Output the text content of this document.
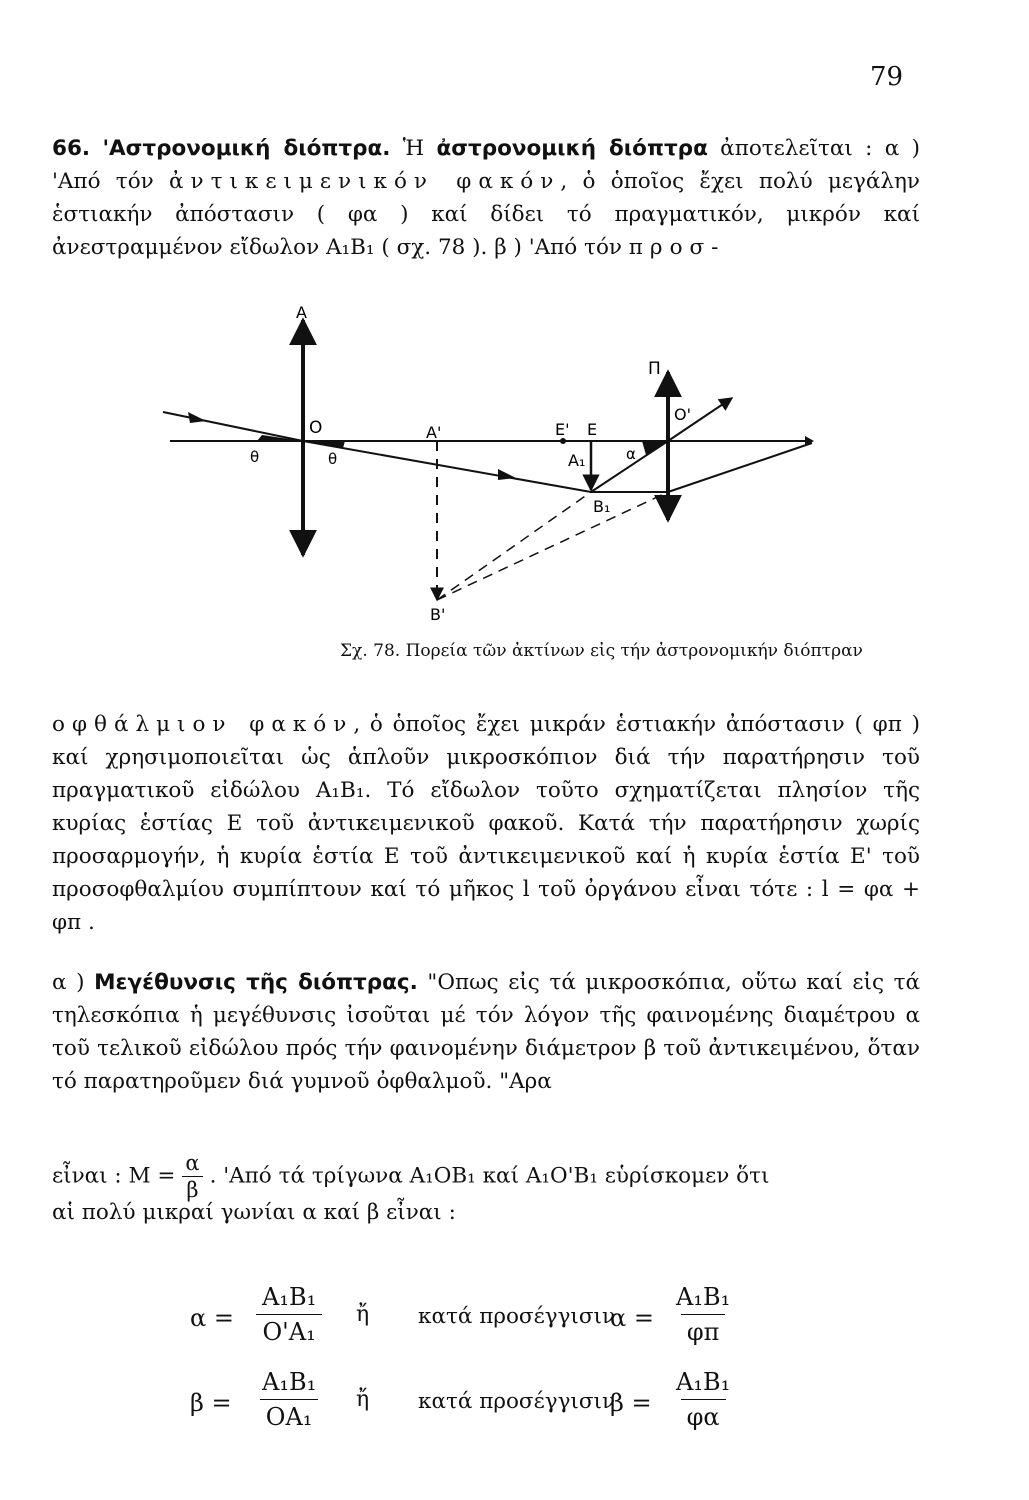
79
66. 'Αστρονομική διόπτρα. Ἡ ἀστρονομική διόπτρα ἀποτελεῖται : α ) 'Από τόν ἀντικειμενικόν φακόν, ὁ ὁποῖος ἔχει πολύ μεγάλην ἑστιακήν ἀπόστασιν ( φα ) καί δίδει τό πραγματικόν, μικρόν καί ἀνεστραμμένον εἴδωλον A₁B₁ ( σχ. 78 ). β ) 'Από τόν προσ-
A
O
θ	θ
A'	E' E
A₁	α
B₁
B'
Π
O'
Σχ. 78. Πορεία τῶν ἀκτίνων εἰς τήν ἀστρονομικήν διόπτραν
οφθάλμιον φακόν, ὁ ὁποῖος ἔχει μικράν ἑστιακήν ἀπόστασιν ( φπ ) καί χρησιμοποιεῖται ὡς ἁπλοῦν μικροσκόπιον διά τήν παρατήρησιν τοῦ πραγματικοῦ εἰδώλου A₁B₁. Τό εἴδωλον τοῦτο σχηματίζεται πλησίον τῆς κυρίας ἑστίας E τοῦ ἀντικειμενικοῦ φακοῦ. Κατά τήν παρατήρησιν χωρίς προσαρμογήν, ἡ κυρία ἑστία E τοῦ ἀντικειμενικοῦ καί ἡ κυρία ἑστία E' τοῦ προσοφθαλμίου συμπίπτουν καί τό μῆκος l τοῦ ὀργάνου εἶναι τότε : l = φα + φπ .
α ) Μεγέθυνσις τῆς διόπτρας. "Οπως εἰς τά μικροσκόπια, οὕτω καί εἰς τά τηλεσκόπια ἡ μεγέθυνσις ἰσοῦται μέ τόν λόγον τῆς φαινομένης διαμέτρου α τοῦ τελικοῦ εἰδώλου πρός τήν φαινομένην διάμετρον β τοῦ ἀντικειμένου, ὅταν τό παρατηροῦμεν διά γυμνοῦ ὀφθαλμοῦ. "Αρα
εἶναι : $M = \frac{\alpha}{\beta}$ . 'Από τά τρίγωνα A₁OB₁ καί A₁O'B₁ εὑρίσκομεν ὅτι
αἱ πολύ μικραί γωνίαι α καί β εἶναι :
$\alpha = \frac{\text{A₁B₁}}{\text{O'A₁}}$ ἤ κατά προσέγγισιν
$\alpha = \frac{\text{A₁B₁}}{\varphi\pi}$
$\beta = \frac{\text{A₁B₁}}{\text{OA₁}}$ ἤ κατά προσέγγισιν
$\beta = \frac{\text{A₁B₁}}{\varphi\alpha}$
